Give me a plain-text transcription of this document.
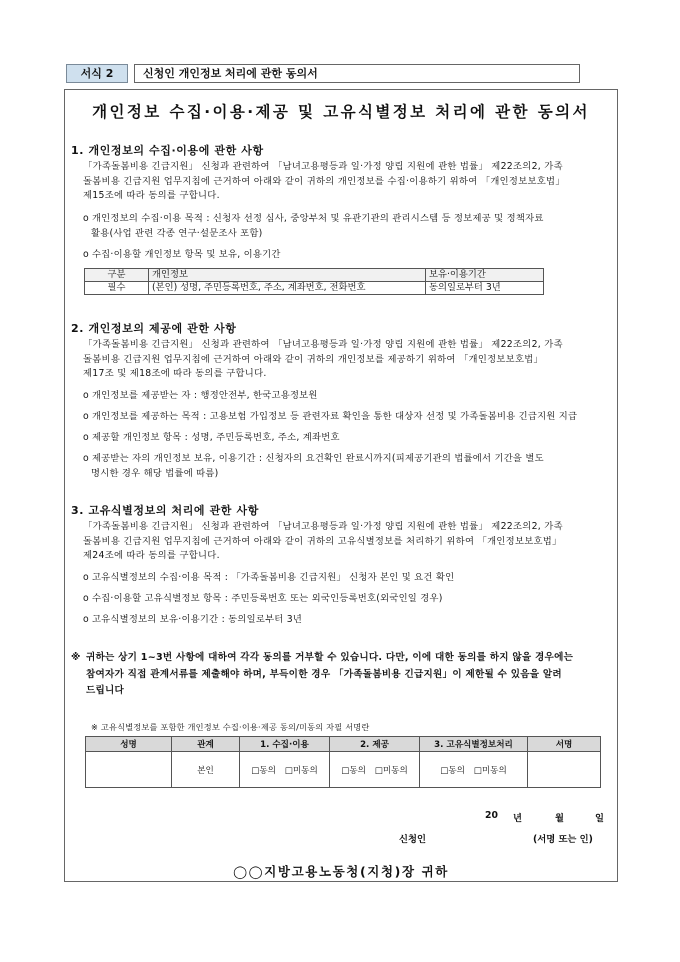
서식 2	신청인 개인정보 처리에 관한 동의서
개인정보 수집·이용·제공 및 고유식별정보 처리에 관한 동의서
1. 개인정보의 수집·이용에 관한 사항
「가족돌봄비용 긴급지원」 신청과 관련하여 「남녀고용평등과 일·가정 양립 지원에 관한 법률」 제22조의2, 가족
돌봄비용 긴급지원 업무지침에 근거하여 아래와 같이 귀하의 개인정보를 수집·이용하기 위하여 「개인정보보호법」
제15조에 따라 동의를 구합니다.
o 개인정보의 수집·이용 목적 : 신청자 선정 심사, 중앙부처 및 유관기관의 관리시스템 등 정보제공 및 정책자료
활용(사업 관련 각종 연구·설문조사 포함)
o 수집·이용할 개인정보 항목 및 보유, 이용기간
구분	개인정보	보유·이용기간
필수	(본인) 성명, 주민등록번호, 주소, 계좌번호, 전화번호	동의일로부터 3년
2. 개인정보의 제공에 관한 사항
「가족돌봄비용 긴급지원」 신청과 관련하여 「남녀고용평등과 일·가정 양립 지원에 관한 법률」 제22조의2, 가족
돌봄비용 긴급지원 업무지침에 근거하여 아래와 같이 귀하의 개인정보를 제공하기 위하여 「개인정보보호법」
제17조 및 제18조에 따라 동의를 구합니다.
o 개인정보를 제공받는 자 : 행정안전부, 한국고용정보원
o 개인정보를 제공하는 목적 : 고용보험 가입정보 등 관련자료 확인을 통한 대상자 선정 및 가족돌봄비용 긴급지원 지급
o 제공할 개인정보 항목 : 성명, 주민등록번호, 주소, 계좌번호
o 제공받는 자의 개인정보 보유, 이용기간 : 신청자의 요건확인 완료시까지(피제공기관의 법률에서 기간을 별도
명시한 경우 해당 법률에 따름)
3. 고유식별정보의 처리에 관한 사항
「가족돌봄비용 긴급지원」 신청과 관련하여 「남녀고용평등과 일·가정 양립 지원에 관한 법률」 제22조의2, 가족
돌봄비용 긴급지원 업무지침에 근거하여 아래와 같이 귀하의 고유식별정보를 처리하기 위하여 「개인정보보호법」
제24조에 따라 동의를 구합니다.
o 고유식별정보의 수집·이용 목적 : 「가족돌봄비용 긴급지원」 신청자 본인 및 요건 확인
o 수집·이용할 고유식별정보 항목 : 주민등록번호 또는 외국인등록번호(외국인일 경우)
o 고유식별정보의 보유·이용기간 : 동의일로부터 3년
※ 귀하는 상기 1~3번 사항에 대하여 각각 동의를 거부할 수 있습니다. 다만, 이에 대한 동의를 하지 않을 경우에는
참여자가 직접 관계서류를 제출해야 하며, 부득이한 경우 「가족돌봄비용 긴급지원」이 제한될 수 있음을 알려
드립니다
※ 고유식별정보를 포함한 개인정보 수집·이용·제공 동의/미동의 자필 서명란
성명	관계	1. 수집·이용	2. 제공	3. 고유식별정보처리	서명
	본인	□동의 □미동의	□동의 □미동의	□동의 □미동의	
20 년	월	일
신청인	(서명 또는 인)
◯◯지방고용노동청(지청)장 귀하
